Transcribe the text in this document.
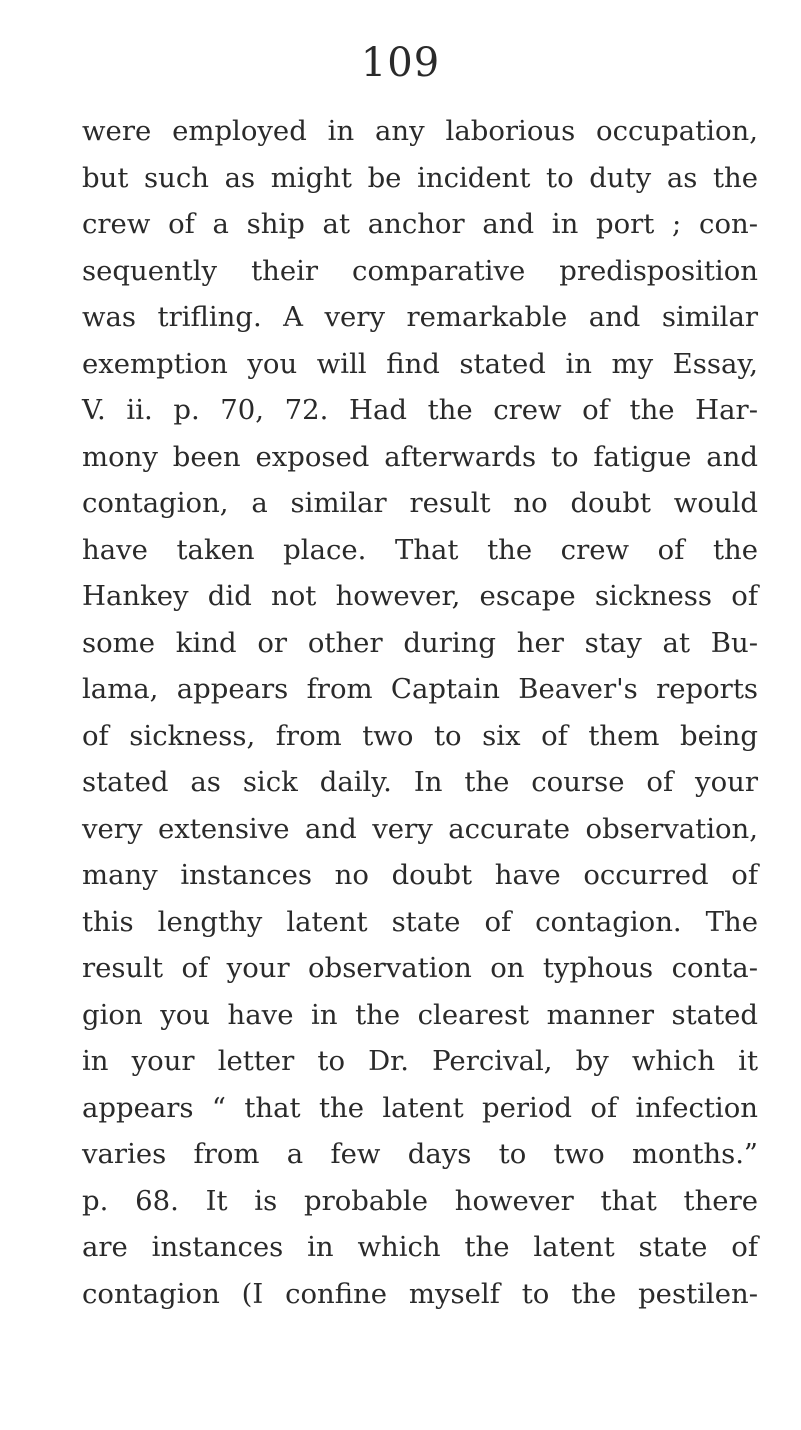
109
were employed in any laborious occupation,
but such as might be incident to duty as the
crew of a ship at anchor and in port ; con-
sequently their comparative predisposition
was trifling. A very remarkable and similar
exemption you will find stated in my Essay,
V. ii. p. 70, 72. Had the crew of the Har-
mony been exposed afterwards to fatigue and
contagion, a similar result no doubt would
have taken place. That the crew of the
Hankey did not however, escape sickness of
some kind or other during her stay at Bu-
lama, appears from Captain Beaver's reports
of sickness, from two to six of them being
stated as sick daily. In the course of your
very extensive and very accurate observation,
many instances no doubt have occurred of
this lengthy latent state of contagion. The
result of your observation on typhous conta-
gion you have in the clearest manner stated
in your letter to Dr. Percival, by which it
appears “ that the latent period of infection
varies from a few days to two months.”
p. 68. It is probable however that there
are instances in which the latent state of
contagion (I confine myself to the pestilen-
